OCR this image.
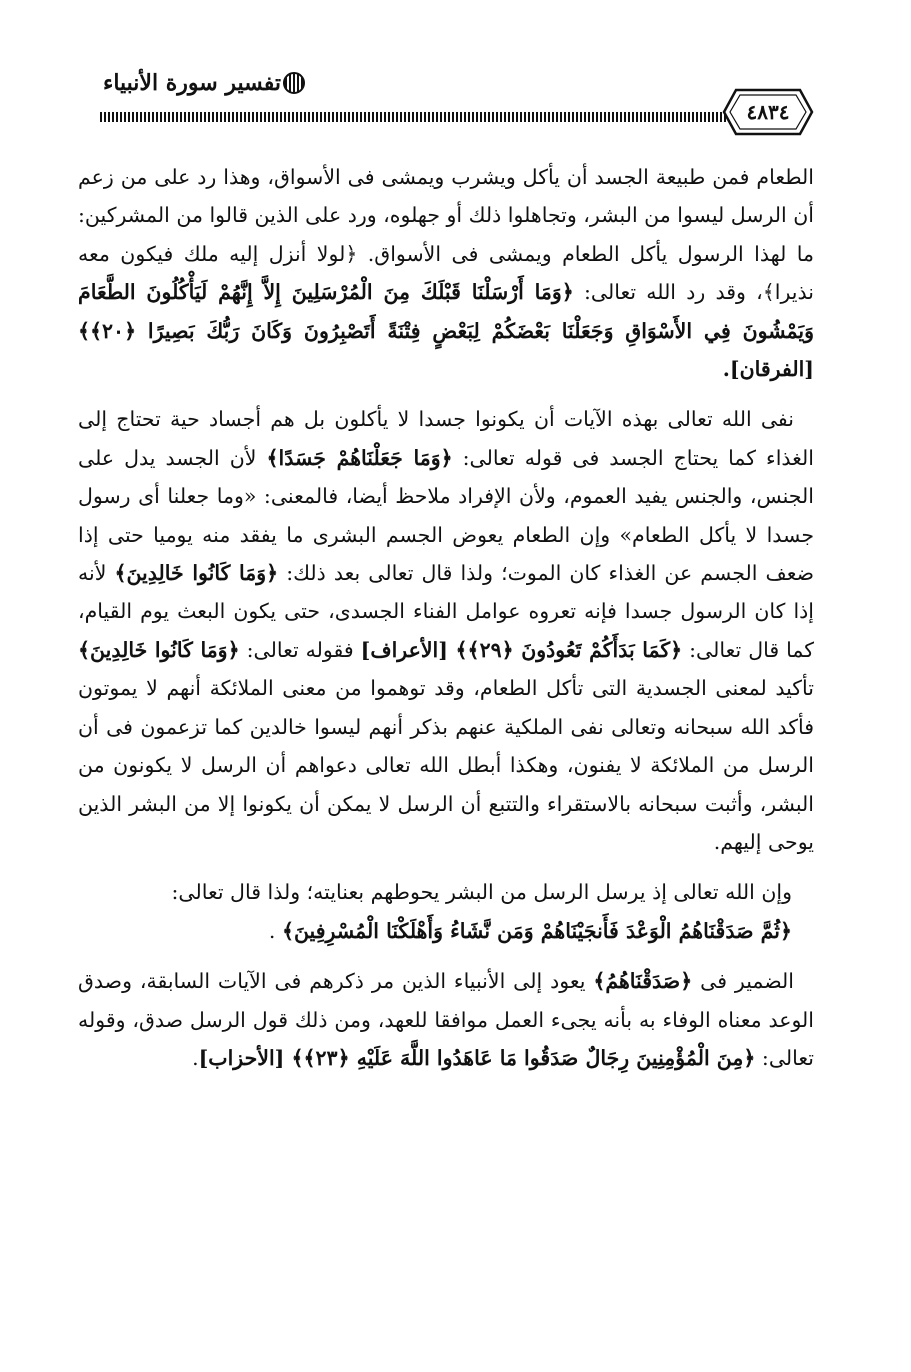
تفسير سورة الأنبياء
٤٨٣٤

الطعام فمن طبيعة الجسد أن يأكل ويشرب ويمشى فى الأسواق، وهذا رد على من زعم أن الرسل ليسوا من البشر، وتجاهلوا ذلك أو جهلوه، ورد على الذين قالوا من المشركين: ما لهذا الرسول يأكل الطعام ويمشى فى الأسواق. ﴿لولا أنزل إليه ملك فيكون معه نذيرا﴾، وقد رد الله تعالى: ﴿وَمَا أَرْسَلْنَا قَبْلَكَ مِنَ الْمُرْسَلِينَ إِلاَّ إِنَّهُمْ لَيَأْكُلُونَ الطَّعَامَ وَيَمْشُونَ فِي الأَسْوَاقِ وَجَعَلْنَا بَعْضَكُمْ لِبَعْضٍ فِتْنَةً أَتَصْبِرُونَ وَكَانَ رَبُّكَ بَصِيرًا ﴿٢٠﴾﴾ [الفرقان].

نفى الله تعالى بهذه الآيات أن يكونوا جسدا لا يأكلون بل هم أجساد حية تحتاج إلى الغذاء كما يحتاج الجسد فى قوله تعالى: ﴿وَمَا جَعَلْنَاهُمْ جَسَدًا﴾ لأن الجسد يدل على الجنس، والجنس يفيد العموم، ولأن الإفراد ملاحظ أيضا، فالمعنى: «وما جعلنا أى رسول جسدا لا يأكل الطعام» وإن الطعام يعوض الجسم البشرى ما يفقد منه يوميا حتى إذا ضعف الجسم عن الغذاء كان الموت؛ ولذا قال تعالى بعد ذلك: ﴿وَمَا كَانُوا خَالِدِينَ﴾ لأنه إذا كان الرسول جسدا فإنه تعروه عوامل الفناء الجسدى، حتى يكون البعث يوم القيام، كما قال تعالى: ﴿كَمَا بَدَأَكُمْ تَعُودُونَ ﴿٢٩﴾﴾ [الأعراف] فقوله تعالى: ﴿وَمَا كَانُوا خَالِدِينَ﴾ تأكيد لمعنى الجسدية التى تأكل الطعام، وقد توهموا من معنى الملائكة أنهم لا يموتون فأكد الله سبحانه وتعالى نفى الملكية عنهم بذكر أنهم ليسوا خالدين كما تزعمون فى أن الرسل من الملائكة لا يفنون، وهكذا أبطل الله تعالى دعواهم أن الرسل لا يكونون من البشر، وأثبت سبحانه بالاستقراء والتتبع أن الرسل لا يمكن أن يكونوا إلا من البشر الذين يوحى إليهم.

وإن الله تعالى إذ يرسل الرسل من البشر يحوطهم بعنايته؛ ولذا قال تعالى:
﴿ثُمَّ صَدَقْنَاهُمُ الْوَعْدَ فَأَنجَيْنَاهُمْ وَمَن نَّشَاءُ وَأَهْلَكْنَا الْمُسْرِفِينَ﴾ .

الضمير فى ﴿صَدَقْنَاهُمُ﴾ يعود إلى الأنبياء الذين مر ذكرهم فى الآيات السابقة، وصدق الوعد معناه الوفاء به بأنه يجىء العمل موافقا للعهد، ومن ذلك قول الرسل صدق، وقوله تعالى: ﴿مِنَ الْمُؤْمِنِينَ رِجَالٌ صَدَقُوا مَا عَاهَدُوا اللَّهَ عَلَيْهِ ﴿٢٣﴾﴾ [الأحزاب].
